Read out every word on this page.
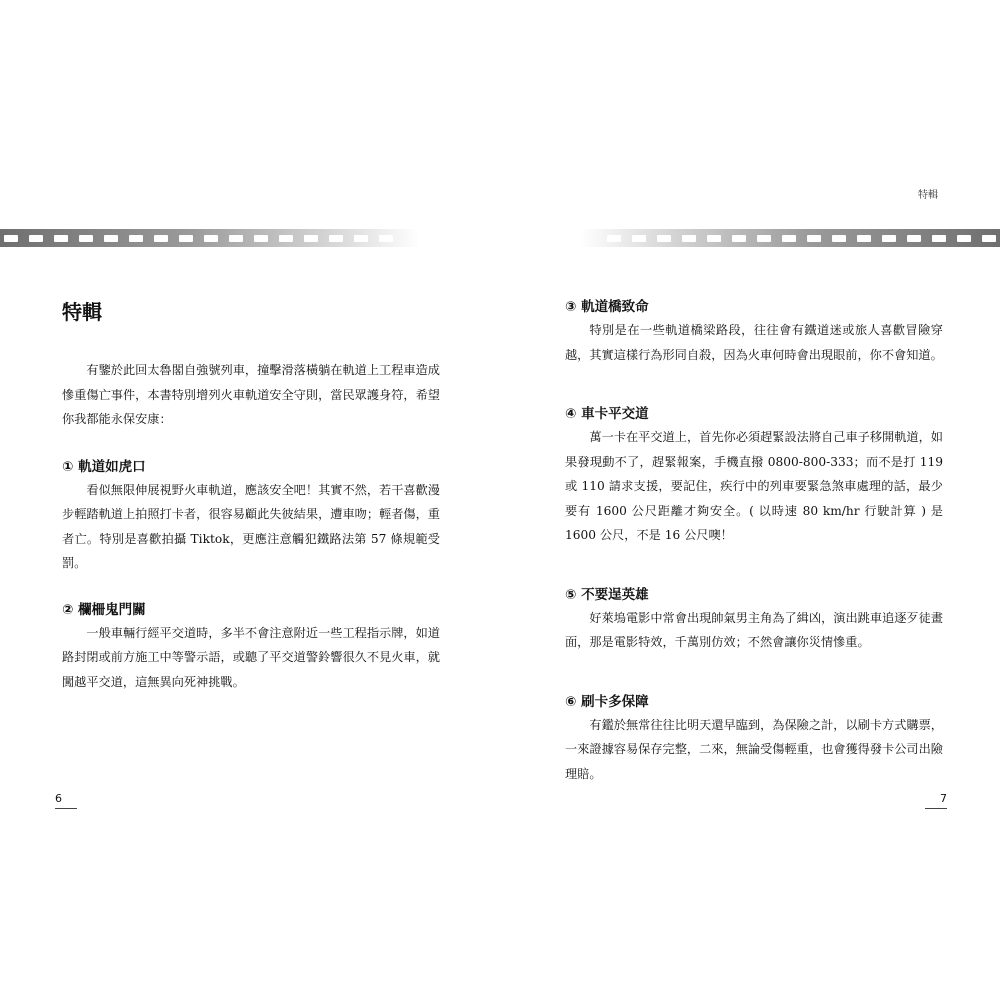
特輯
特輯

有鑒於此回太魯閣自強號列車，撞擊滑落橫躺在軌道上工程車造成慘重傷亡事件，本書特別增列火車軌道安全守則，當民眾護身符，希望你我都能永保安康：

① 軌道如虎口

看似無限伸展視野火車軌道，應該安全吧！其實不然，若干喜歡漫步輕踏軌道上拍照打卡者，很容易顧此失彼結果，遭車吻；輕者傷，重者亡。特別是喜歡拍攝 Tiktok，更應注意觸犯鐵路法第 57 條規範受罰。

② 欄柵鬼門關

一般車輛行經平交道時，多半不會注意附近一些工程指示牌，如道路封閉或前方施工中等警示語，或聽了平交道警鈴響很久不見火車，就闖越平交道，這無異向死神挑戰。

③ 軌道橋致命

特別是在一些軌道橋梁路段，往往會有鐵道迷或旅人喜歡冒險穿越，其實這樣行為形同自殺，因為火車何時會出現眼前，你不會知道。

④ 車卡平交道

萬一卡在平交道上，首先你必須趕緊設法將自己車子移開軌道，如果發現動不了，趕緊報案，手機直撥 0800-800-333；而不是打 119 或 110 請求支援，要記住，疾行中的列車要緊急煞車處理的話，最少要有 1600 公尺距離才夠安全。( 以時速 80 km/hr 行駛計算 ) 是 1600 公尺，不是 16 公尺噢！

⑤ 不要逞英雄

好萊塢電影中常會出現帥氣男主角為了緝凶，演出跳車追逐歹徒畫面，那是電影特效，千萬別仿效；不然會讓你災情慘重。

⑥ 刷卡多保障

有鑑於無常往往比明天還早臨到，為保險之計，以刷卡方式購票，一來證據容易保存完整，二來，無論受傷輕重，也會獲得發卡公司出險理賠。

6	7
